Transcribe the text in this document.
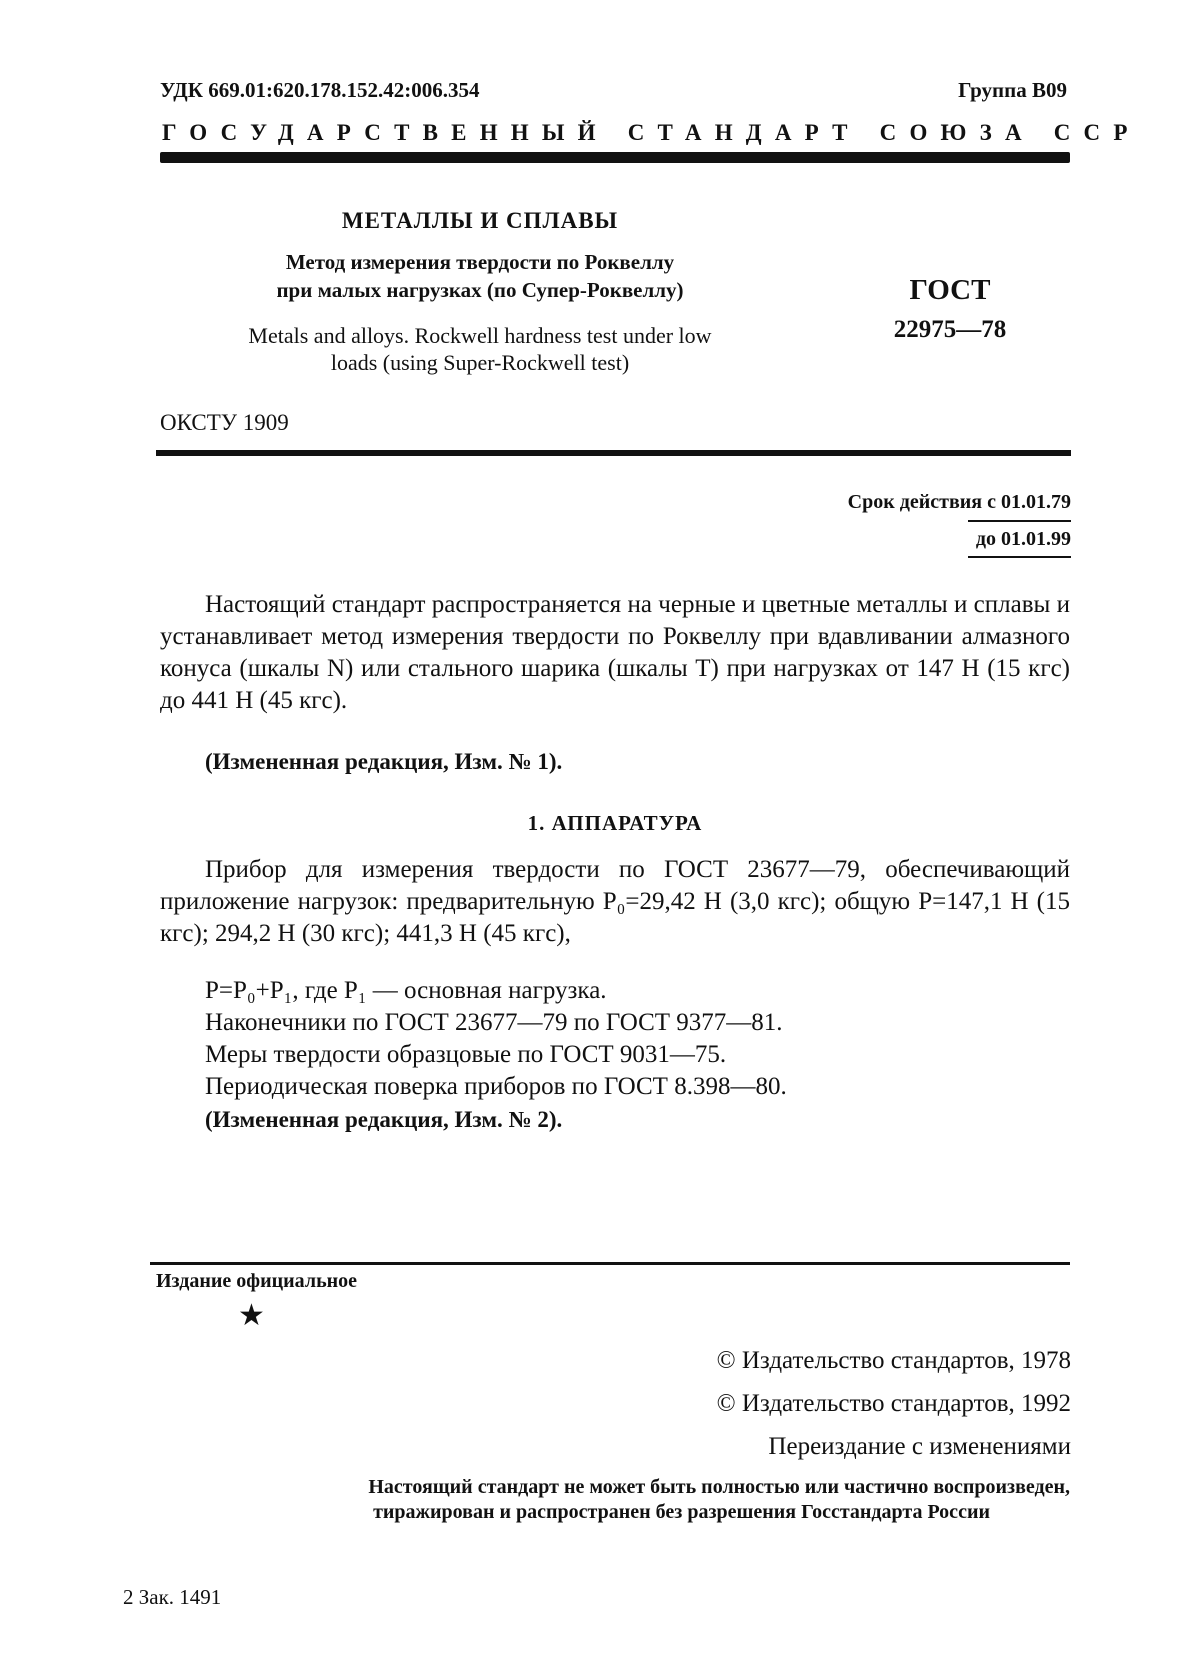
УДК 669.01:620.178.152.42:006.354	Группа В09
ГОСУДАРСТВЕННЫЙ СТАНДАРТ СОЮЗА ССР
МЕТАЛЛЫ И СПЛАВЫ
Метод измерения твердости по Роквеллу
при малых нагрузках (по Супер-Роквеллу)
Metals and alloys. Rockwell hardness test under low
loads (using Super-Rockwell test)
ГОСТ
22975—78
ОКСТУ 1909
Срок действия с 01.01.79
до 01.01.99
Настоящий стандарт распространяется на черные и цветные металлы и сплавы и устанавливает метод измерения твердости по Роквеллу при вдавливании алмазного конуса (шкалы N) или стального шарика (шкалы Т) при нагрузках от 147 Н (15 кгс) до 441 Н (45 кгс).
(Измененная редакция, Изм. № 1).
1. АППАРАТУРА
Прибор для измерения твердости по ГОСТ 23677—79, обеспечивающий приложение нагрузок: предварительную P₀=29,42 Н (3,0 кгс); общую P=147,1 Н (15 кгс); 294,2 Н (30 кгс); 441,3 Н (45 кгс),
P=P₀+P₁, где P₁ — основная нагрузка.
Наконечники по ГОСТ 23677—79 по ГОСТ 9377—81.
Меры твердости образцовые по ГОСТ 9031—75.
Периодическая поверка приборов по ГОСТ 8.398—80.
(Измененная редакция, Изм. № 2).
Издание официальное
★
© Издательство стандартов, 1978
© Издательство стандартов, 1992
Переиздание с изменениями
Настоящий стандарт не может быть полностью или частично воспроизведен,
тиражирован и распространен без разрешения Госстандарта России
2 Зак. 1491
